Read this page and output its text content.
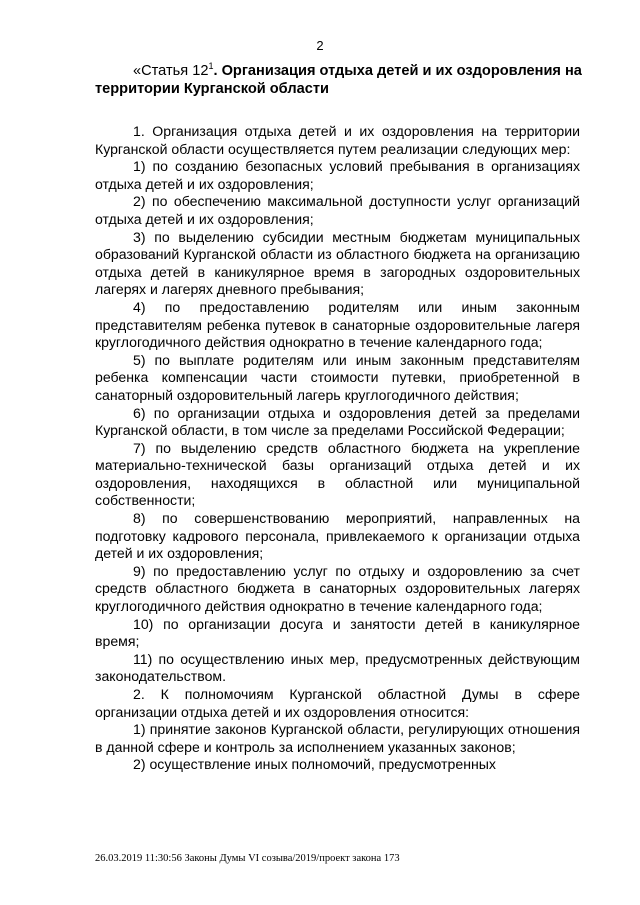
2
«Статья $12^1$. Организация отдыха детей и их оздоровления на территории Курганской области

1. Организация отдыха детей и их оздоровления на территории Курганской области осуществляется путем реализации следующих мер:

1) по созданию безопасных условий пребывания в организациях отдыха детей и их оздоровления;

2) по обеспечению максимальной доступности услуг организаций отдыха детей и их оздоровления;

3) по выделению субсидии местным бюджетам муниципальных образований Курганской области из областного бюджета на организацию отдыха детей в каникулярное время в загородных оздоровительных лагерях и лагерях дневного пребывания;

4) по предоставлению родителям или иным законным представителям ребенка путевок в санаторные оздоровительные лагеря круглогодичного действия однократно в течение календарного года;

5) по выплате родителям или иным законным представителям ребенка компенсации части стоимости путевки, приобретенной в санаторный оздоровительный лагерь круглогодичного действия;

6) по организации отдыха и оздоровления детей за пределами Курганской области, в том числе за пределами Российской Федерации;

7) по выделению средств областного бюджета на укрепление материально-технической базы организаций отдыха детей и их оздоровления, находящихся в областной или муниципальной собственности;

8) по совершенствованию мероприятий, направленных на подготовку кадрового персонала, привлекаемого к организации отдыха детей и их оздоровления;

9) по предоставлению услуг по отдыху и оздоровлению за счет средств областного бюджета в санаторных оздоровительных лагерях круглогодичного действия однократно в течение календарного года;

10) по организации досуга и занятости детей в каникулярное время;

11) по осуществлению иных мер, предусмотренных действующим законодательством.

2. К полномочиям Курганской областной Думы в сфере организации отдыха детей и их оздоровления относится:

1) принятие законов Курганской области, регулирующих отношения в данной сфере и контроль за исполнением указанных законов;

2) осуществление иных полномочий, предусмотренных

26.03.2019 11:30:56 Законы Думы VI созыва/2019/проект закона 173
